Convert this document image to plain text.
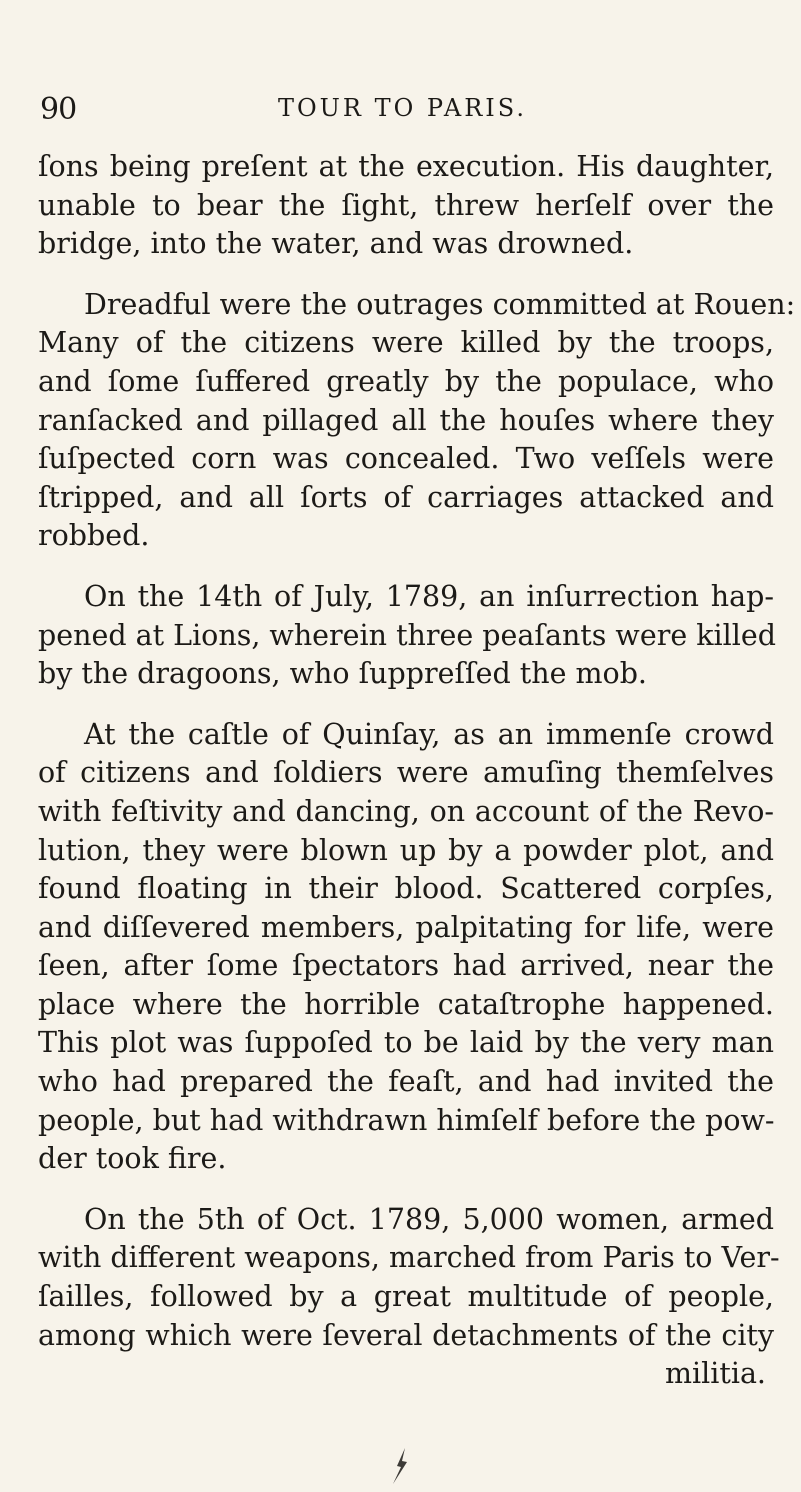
90	TOUR TO PARIS.

ſons being preſent at the execution. His daughter,
unable to bear the ſight, threw herſelf over the
bridge, into the water, and was drowned.

Dreadful were the outrages committed at Rouen:
Many of the citizens were killed by the troops,
and ſome ſuffered greatly by the populace, who
ranſacked and pillaged all the houſes where they
ſuſpected corn was concealed. Two veſſels were
ſtripped, and all ſorts of carriages attacked and
robbed.

On the 14th of July, 1789, an inſurrection hap-
pened at Lions, wherein three peaſants were killed
by the dragoons, who ſuppreſſed the mob.

At the caſtle of Quinſay, as an immenſe crowd
of citizens and ſoldiers were amuſing themſelves
with feſtivity and dancing, on account of the Revo-
lution, they were blown up by a powder plot, and
found floating in their blood. Scattered corpſes,
and diſſevered members, palpitating for life, were
ſeen, after ſome ſpectators had arrived, near the
place where the horrible cataſtrophe happened.
This plot was ſuppoſed to be laid by the very man
who had prepared the feaſt, and had invited the
people, but had withdrawn himſelf before the pow-
der took fire.

On the 5th of Oct. 1789, 5,000 women, armed
with different weapons, marched from Paris to Ver-
ſailles, followed by a great multitude of people,
among which were ſeveral detachments of the city
militia.
